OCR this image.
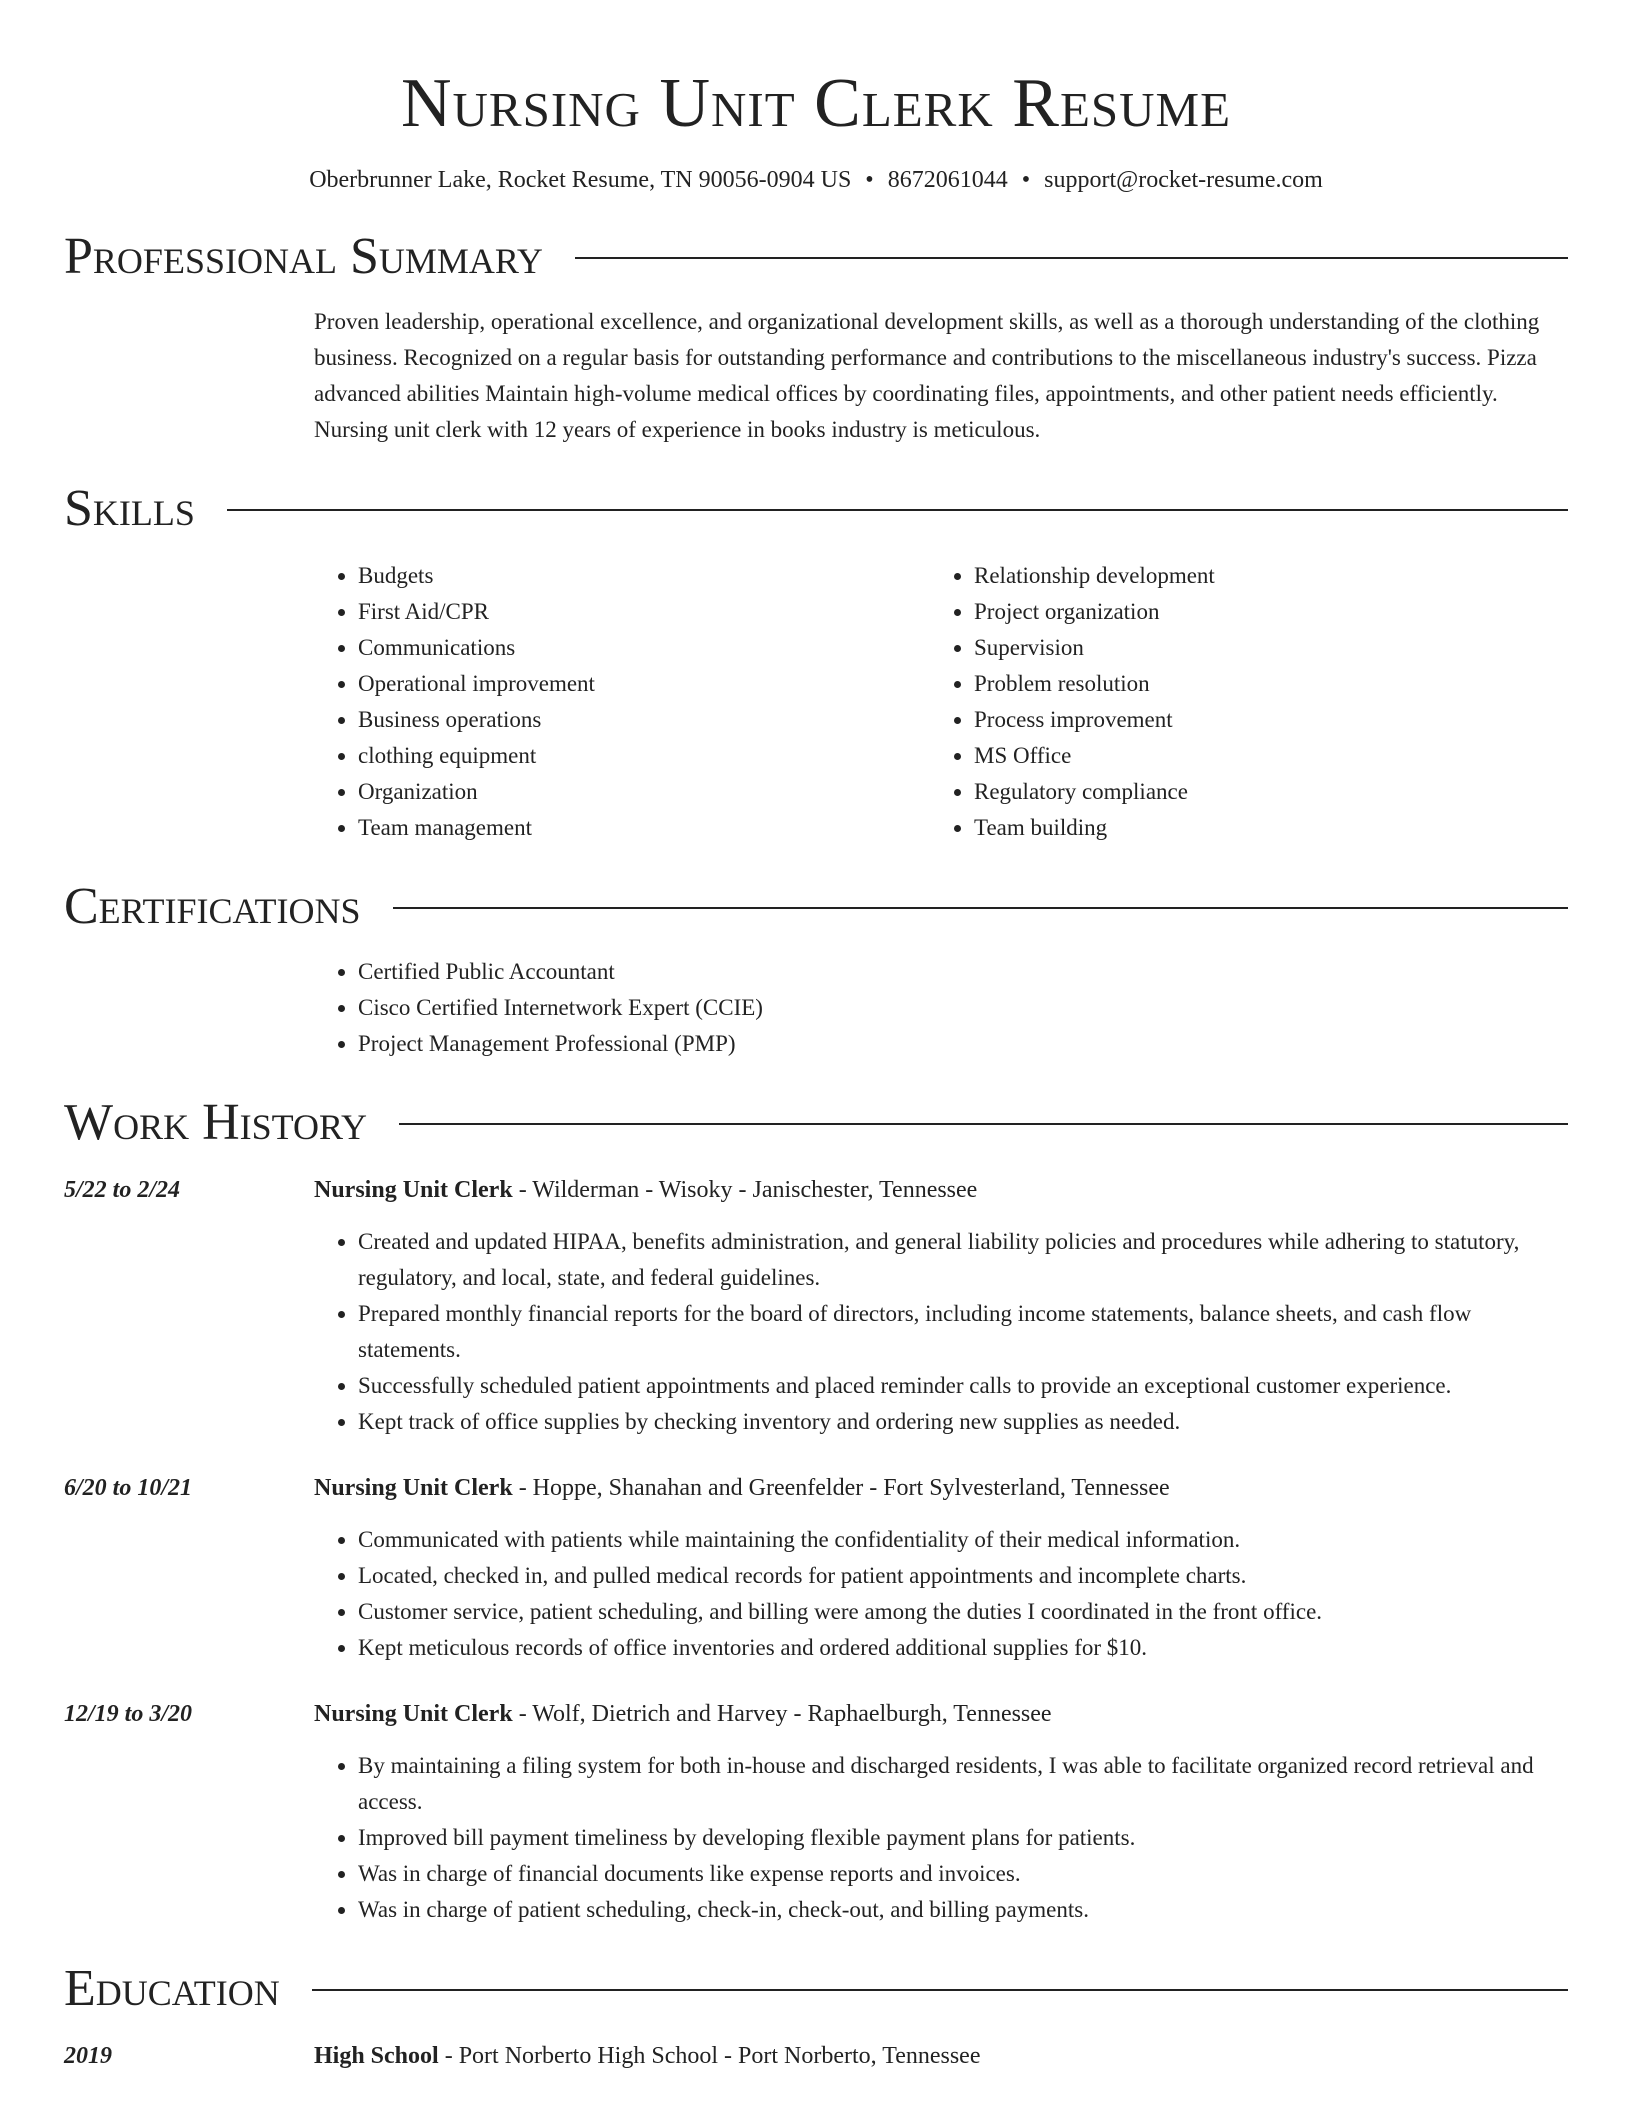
Nursing Unit Clerk Resume
Oberbrunner Lake, Rocket Resume, TN 90056-0904 US • 8672061044 • support@rocket-resume.com
Professional Summary
Proven leadership, operational excellence, and organizational development skills, as well as a thorough understanding of the clothing business. Recognized on a regular basis for outstanding performance and contributions to the miscellaneous industry's success. Pizza advanced abilities Maintain high-volume medical offices by coordinating files, appointments, and other patient needs efficiently. Nursing unit clerk with 12 years of experience in books industry is meticulous.
Skills
• Budgets
• First Aid/CPR
• Communications
• Operational improvement
• Business operations
• clothing equipment
• Organization
• Team management
• Relationship development
• Project organization
• Supervision
• Problem resolution
• Process improvement
• MS Office
• Regulatory compliance
• Team building
Certifications
• Certified Public Accountant
• Cisco Certified Internetwork Expert (CCIE)
• Project Management Professional (PMP)
Work History
5/22 to 2/24	Nursing Unit Clerk - Wilderman - Wisoky - Janischester, Tennessee
• Created and updated HIPAA, benefits administration, and general liability policies and procedures while adhering to statutory, regulatory, and local, state, and federal guidelines.
• Prepared monthly financial reports for the board of directors, including income statements, balance sheets, and cash flow statements.
• Successfully scheduled patient appointments and placed reminder calls to provide an exceptional customer experience.
• Kept track of office supplies by checking inventory and ordering new supplies as needed.
6/20 to 10/21	Nursing Unit Clerk - Hoppe, Shanahan and Greenfelder - Fort Sylvesterland, Tennessee
• Communicated with patients while maintaining the confidentiality of their medical information.
• Located, checked in, and pulled medical records for patient appointments and incomplete charts.
• Customer service, patient scheduling, and billing were among the duties I coordinated in the front office.
• Kept meticulous records of office inventories and ordered additional supplies for $10.
12/19 to 3/20	Nursing Unit Clerk - Wolf, Dietrich and Harvey - Raphaelburgh, Tennessee
• By maintaining a filing system for both in-house and discharged residents, I was able to facilitate organized record retrieval and access.
• Improved bill payment timeliness by developing flexible payment plans for patients.
• Was in charge of financial documents like expense reports and invoices.
• Was in charge of patient scheduling, check-in, check-out, and billing payments.
Education
2019	High School - Port Norberto High School - Port Norberto, Tennessee
